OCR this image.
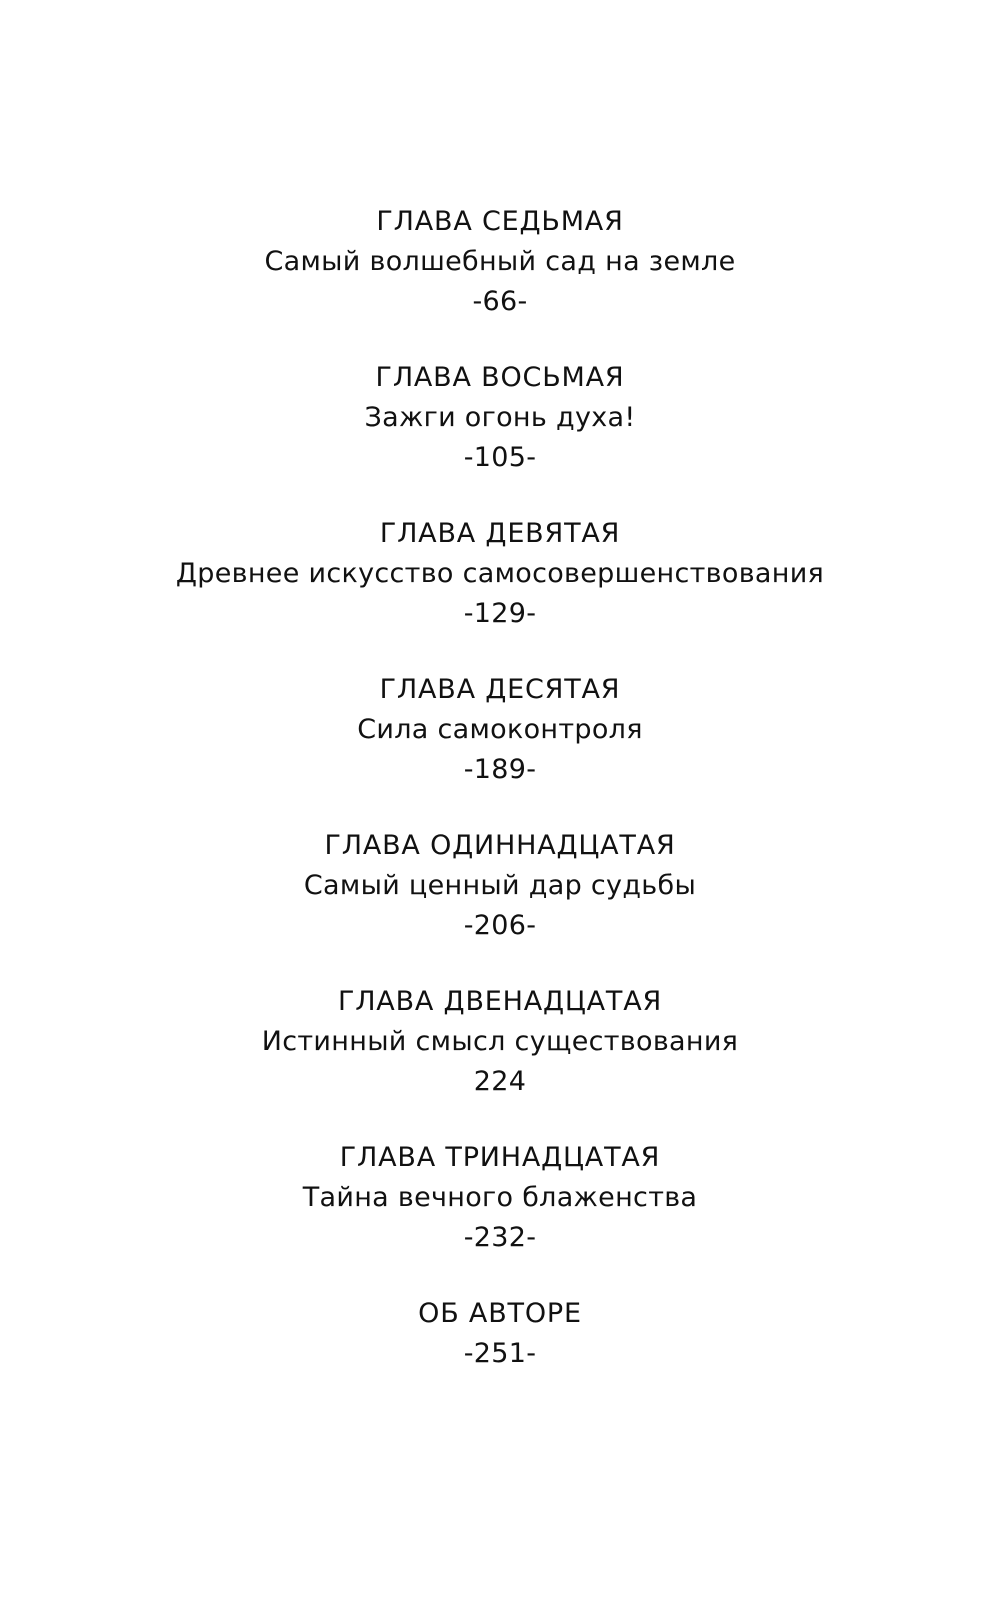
ГЛАВА СЕДЬМАЯ
Самый волшебный сад на земле
-66-
ГЛАВА ВОСЬМАЯ
Зажги огонь духа!
-105-
ГЛАВА ДЕВЯТАЯ
Древнее искусство самосовершенствования
-129-
ГЛАВА ДЕСЯТАЯ
Сила самоконтроля
-189-
ГЛАВА ОДИННАДЦАТАЯ
Самый ценный дар судьбы
-206-
ГЛАВА ДВЕНАДЦАТАЯ
Истинный смысл существования
224
ГЛАВА ТРИНАДЦАТАЯ
Тайна вечного блаженства
-232-
ОБ АВТОРЕ
-251-
